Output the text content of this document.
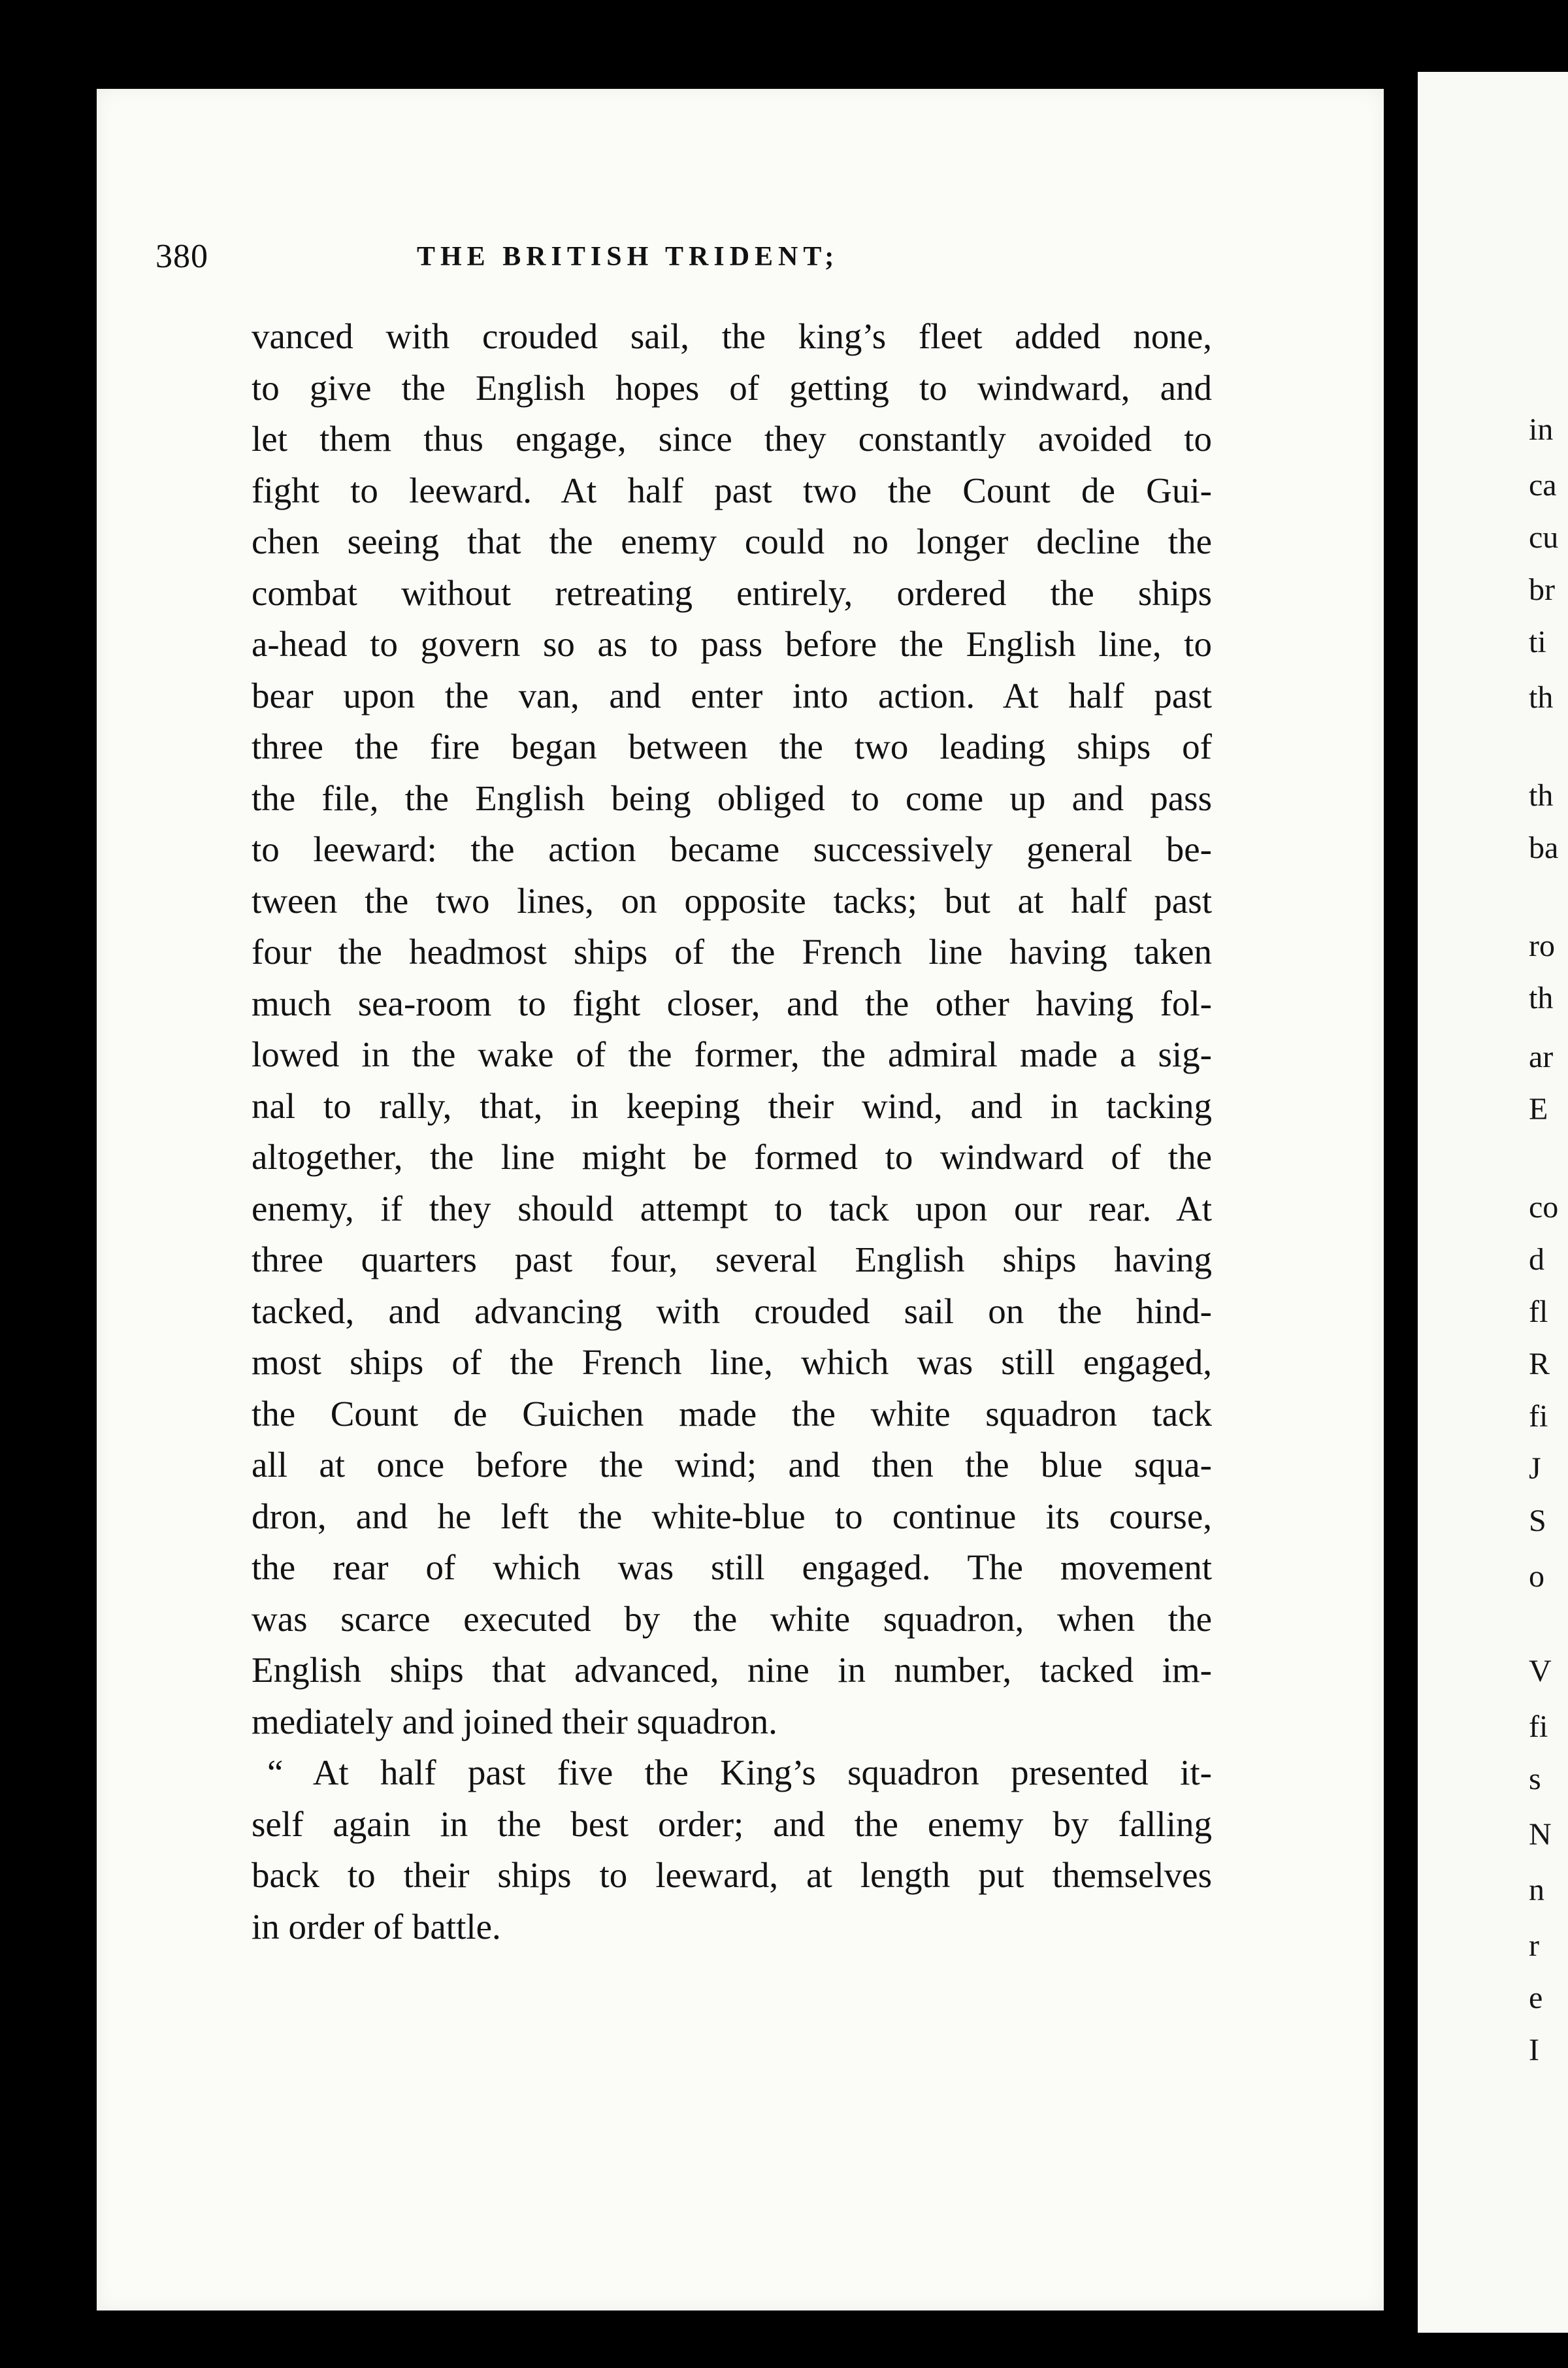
380	THE BRITISH TRIDENT;
vanced with crouded sail, the king’s fleet added none,
to give the English hopes of getting to windward, and
let them thus engage, since they constantly avoided to
fight to leeward. At half past two the Count de Gui-
chen seeing that the enemy could no longer decline the
combat without retreating entirely, ordered the ships
a-head to govern so as to pass before the English line, to
bear upon the van, and enter into action. At half past
three the fire began between the two leading ships of
the file, the English being obliged to come up and pass
to leeward: the action became successively general be-
tween the two lines, on opposite tacks; but at half past
four the headmost ships of the French line having taken
much sea-room to fight closer, and the other having fol-
lowed in the wake of the former, the admiral made a sig-
nal to rally, that, in keeping their wind, and in tacking
altogether, the line might be formed to windward of the
enemy, if they should attempt to tack upon our rear. At
three quarters past four, several English ships having
tacked, and advancing with crouded sail on the hind-
most ships of the French line, which was still engaged,
the Count de Guichen made the white squadron tack
all at once before the wind; and then the blue squa-
dron, and he left the white-blue to continue its course,
the rear of which was still engaged. The movement
was scarce executed by the white squadron, when the
English ships that advanced, nine in number, tacked im-
mediately and joined their squadron.
“ At half past five the King’s squadron presented it-
self again in the best order; and the enemy by falling
back to their ships to leeward, at length put themselves
in order of battle.
in
ca
cu
br
ti
th
th
ba
ro
th
ar
E
co
d
fl
R
fi
J
S
o
V
fi
s
N
n
r
e
I
